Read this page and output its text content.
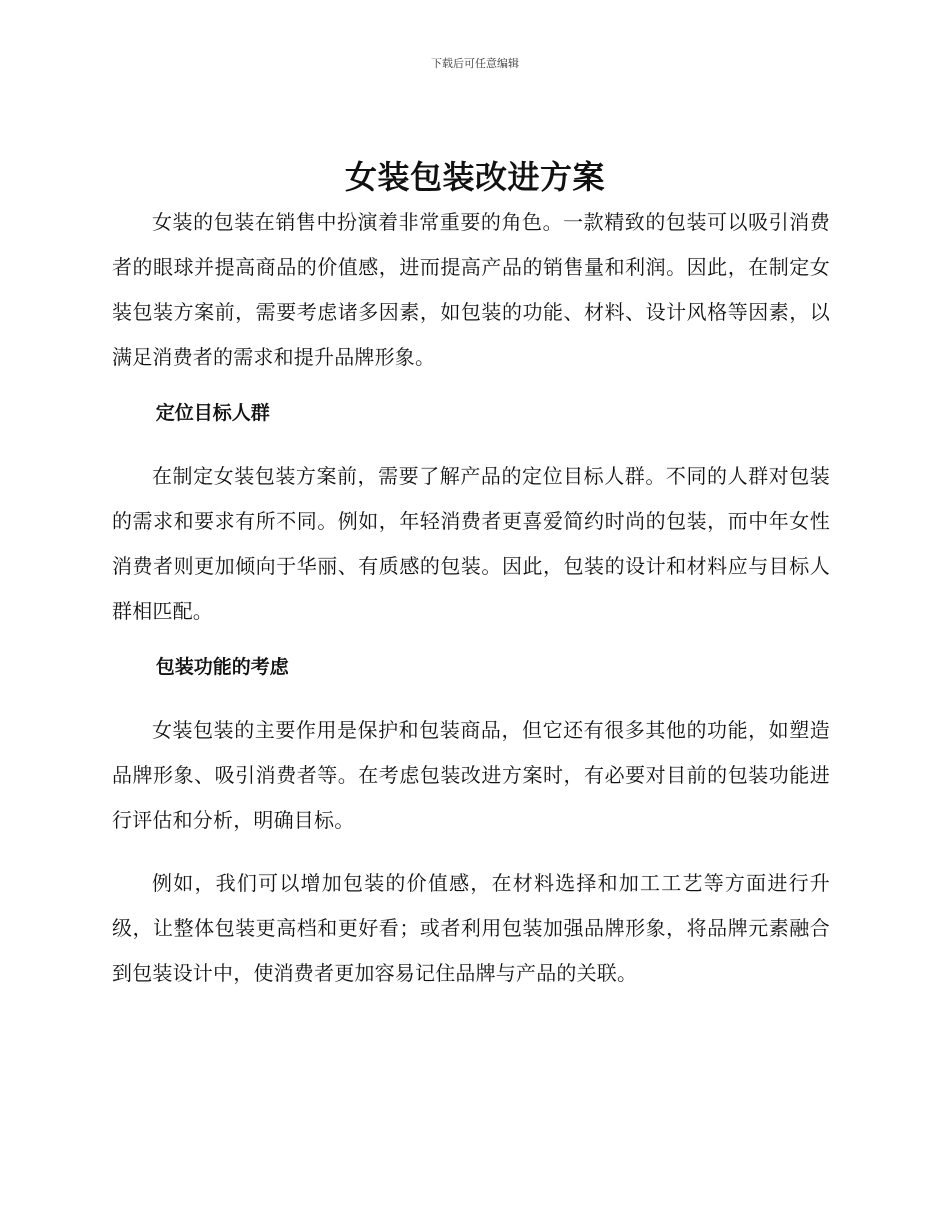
下载后可任意编辑
女装包装改进方案

女装的包装在销售中扮演着非常重要的角色。一款精致的包装可以吸引消费者的眼球并提高商品的价值感，进而提高产品的销售量和利润。因此，在制定女装包装方案前，需要考虑诸多因素，如包装的功能、材料、设计风格等因素，以满足消费者的需求和提升品牌形象。

定位目标人群

在制定女装包装方案前，需要了解产品的定位目标人群。不同的人群对包装的需求和要求有所不同。例如，年轻消费者更喜爱简约时尚的包装，而中年女性消费者则更加倾向于华丽、有质感的包装。因此，包装的设计和材料应与目标人群相匹配。

包装功能的考虑

女装包装的主要作用是保护和包装商品，但它还有很多其他的功能，如塑造品牌形象、吸引消费者等。在考虑包装改进方案时，有必要对目前的包装功能进行评估和分析，明确目标。

例如，我们可以增加包装的价值感，在材料选择和加工工艺等方面进行升级，让整体包装更高档和更好看；或者利用包装加强品牌形象，将品牌元素融合到包装设计中，使消费者更加容易记住品牌与产品的关联。
